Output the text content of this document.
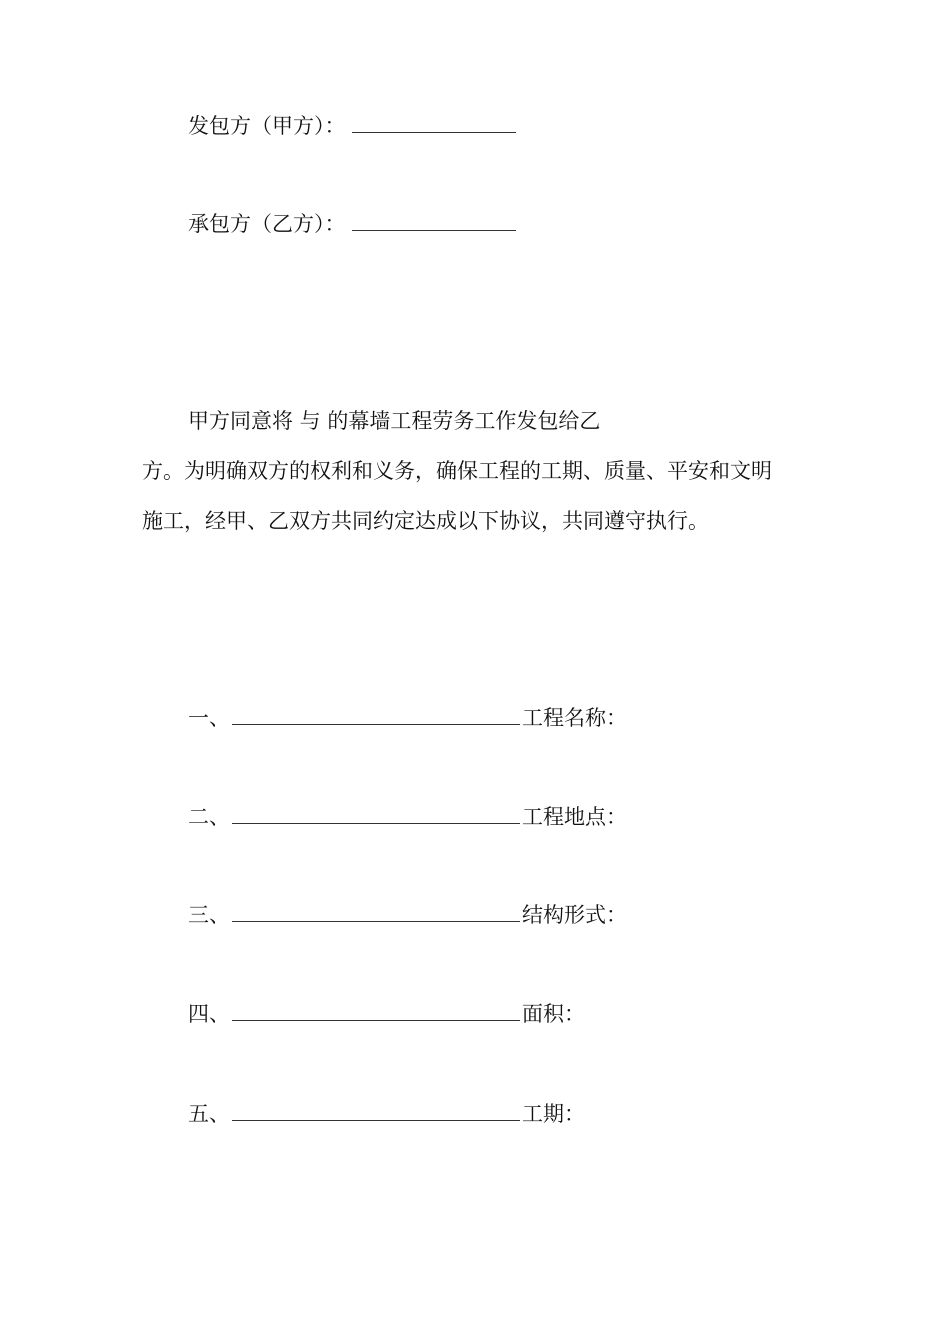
发包方（甲方）：
承包方（乙方）：
甲方同意将 与 的幕墙工程劳务工作发包给乙
方。为明确双方的权利和义务，确保工程的工期、质量、平安和文明
施工，经甲、乙双方共同约定达成以下协议，共同遵守执行。
一、	工程名称：
二、	工程地点：
三、	结构形式：
四、	面积：
五、	工期：
